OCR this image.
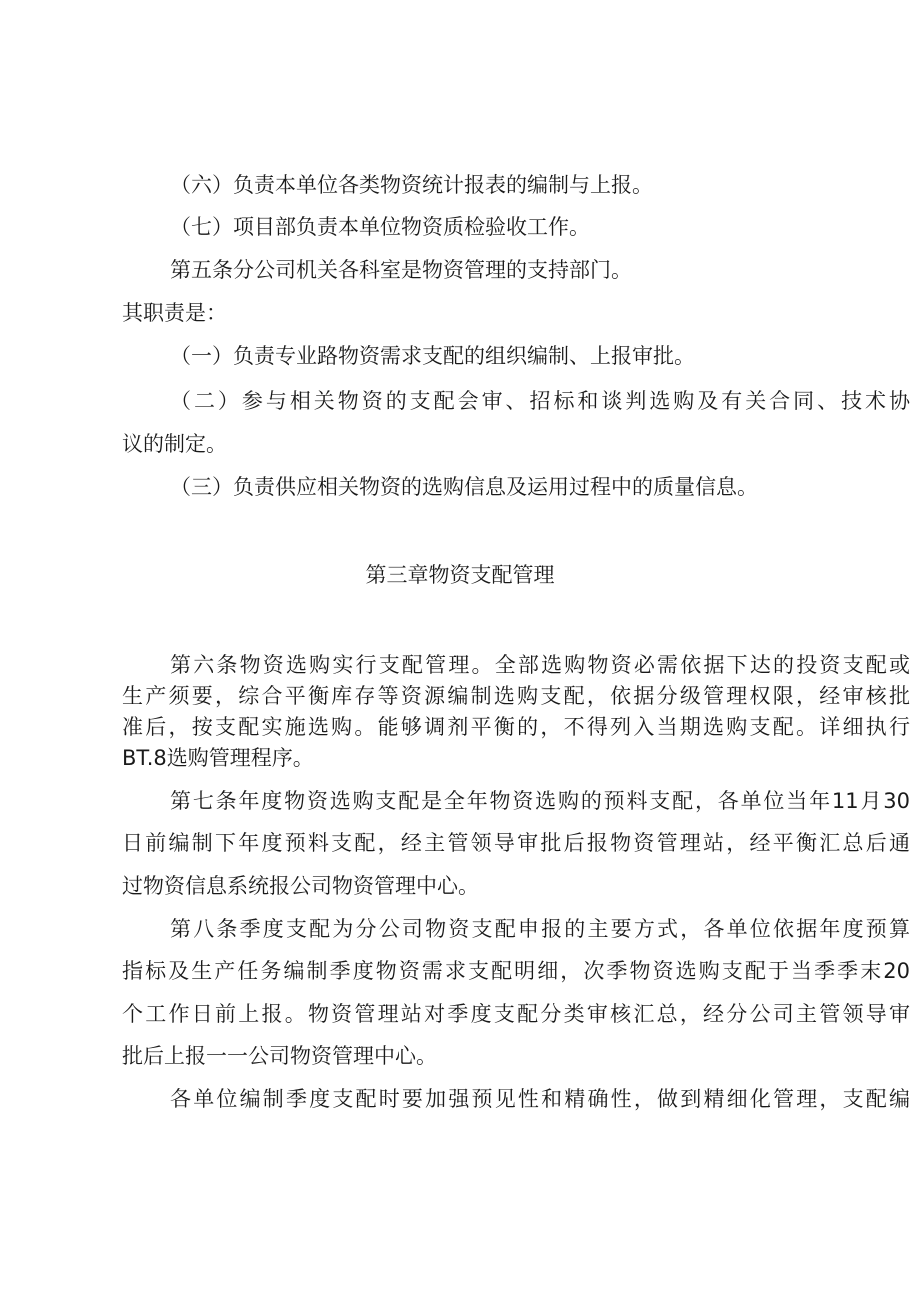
（六）负责本单位各类物资统计报表的编制与上报。
（七）项目部负责本单位物资质检验收工作。
第五条分公司机关各科室是物资管理的支持部门。
其职责是：
（一）负责专业路物资需求支配的组织编制、上报审批。
（二）参与相关物资的支配会审、招标和谈判选购及有关合同、技术协
议的制定。
（三）负责供应相关物资的选购信息及运用过程中的质量信息。
第三章物资支配管理
第六条物资选购实行支配管理。全部选购物资必需依据下达的投资支配或
生产须要，综合平衡库存等资源编制选购支配，依据分级管理权限，经审核批
准后，按支配实施选购。能够调剂平衡的，不得列入当期选购支配。详细执行
BT.8选购管理程序。
第七条年度物资选购支配是全年物资选购的预料支配，各单位当年11月30
日前编制下年度预料支配，经主管领导审批后报物资管理站，经平衡汇总后通
过物资信息系统报公司物资管理中心。
第八条季度支配为分公司物资支配申报的主要方式，各单位依据年度预算
指标及生产任务编制季度物资需求支配明细，次季物资选购支配于当季季末20
个工作日前上报。物资管理站对季度支配分类审核汇总，经分公司主管领导审
批后上报一一公司物资管理中心。
各单位编制季度支配时要加强预见性和精确性，做到精细化管理，支配编
